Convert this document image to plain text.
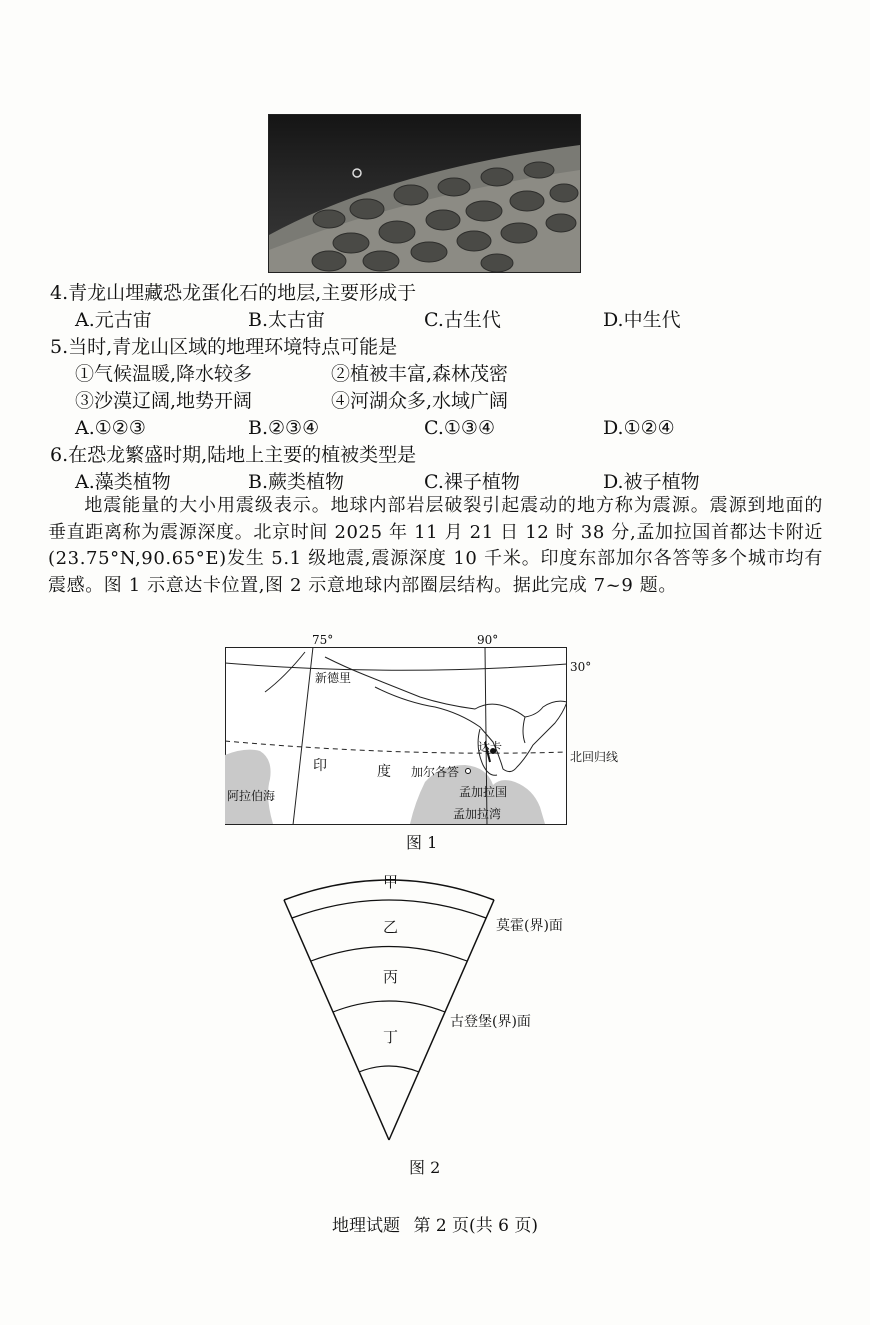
4.青龙山埋藏恐龙蛋化石的地层,主要形成于
A.元古宙	B.太古宙	C.古生代	D.中生代
5.当时,青龙山区域的地理环境特点可能是
①气候温暖,降水较多	②植被丰富,森林茂密
③沙漠辽阔,地势开阔	④河湖众多,水域广阔
A.①②③	B.②③④	C.①③④	D.①②④
6.在恐龙繁盛时期,陆地上主要的植被类型是
A.藻类植物	B.蕨类植物	C.裸子植物	D.被子植物
地震能量的大小用震级表示。地球内部岩层破裂引起震动的地方称为震源。震源到地面的垂直距离称为震源深度。北京时间 2025 年 11 月 21 日 12 时 38 分,孟加拉国首都达卡附近(23.75°N,90.65°E)发生 5.1 级地震,震源深度 10 千米。印度东部加尔各答等多个城市均有震感。图 1 示意达卡位置,图 2 示意地球内部圈层结构。据此完成 7~9 题。
75°	90°
新德里
印	度 加尔各答
达卡
孟加拉国
阿拉伯海
孟加拉湾
30°
北回归线
图 1
甲
乙
丙
丁
莫霍(界)面
古登堡(界)面
图 2
地理试题 第 2 页(共 6 页)
